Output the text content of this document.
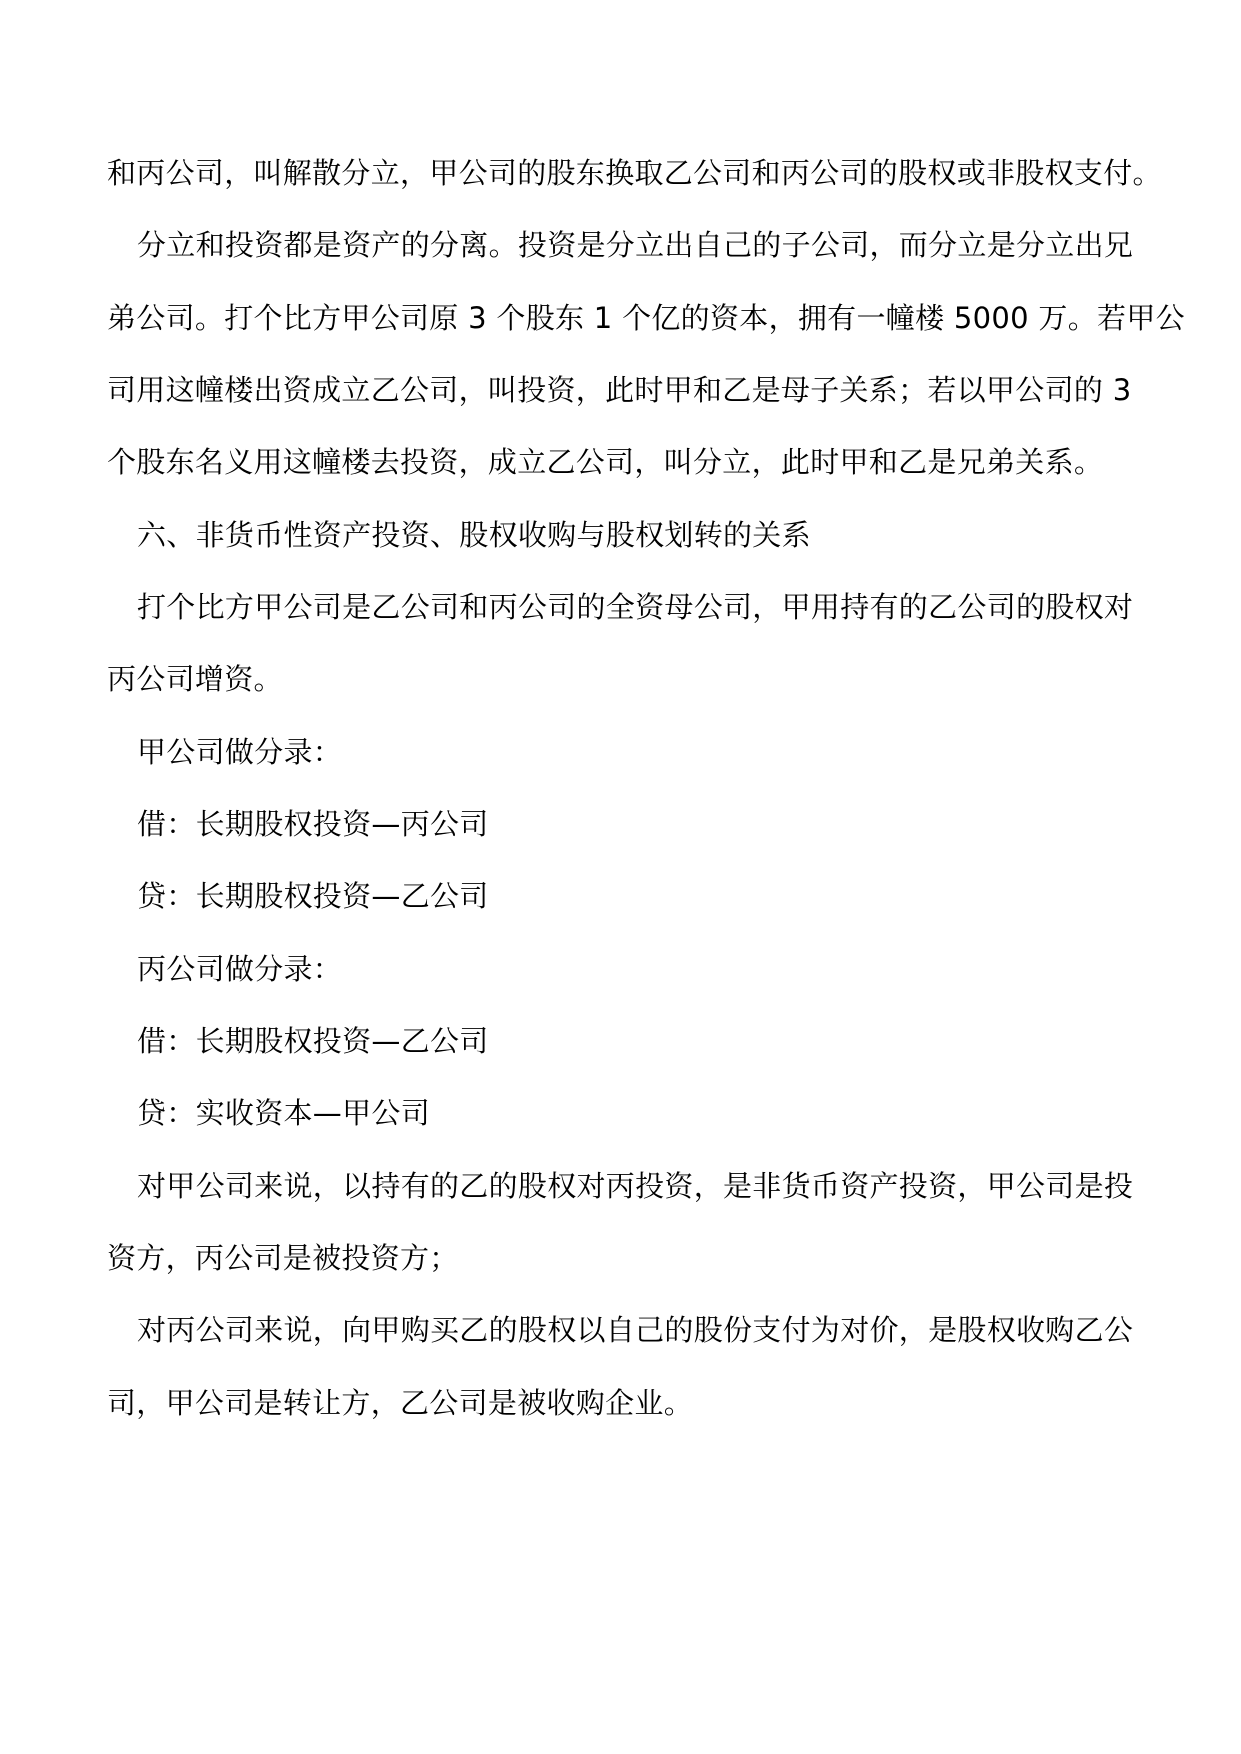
和丙公司，叫解散分立，甲公司的股东换取乙公司和丙公司的股权或非股权支付。

分立和投资都是资产的分离。投资是分立出自己的子公司，而分立是分立出兄

弟公司。打个比方甲公司原 3 个股东 1 个亿的资本，拥有一幢楼 5000 万。若甲公

司用这幢楼出资成立乙公司，叫投资，此时甲和乙是母子关系；若以甲公司的 3

个股东名义用这幢楼去投资，成立乙公司，叫分立，此时甲和乙是兄弟关系。

六、非货币性资产投资、股权收购与股权划转的关系

打个比方甲公司是乙公司和丙公司的全资母公司，甲用持有的乙公司的股权对

丙公司增资。

甲公司做分录：

借：长期股权投资—丙公司

贷：长期股权投资—乙公司

丙公司做分录：

借：长期股权投资—乙公司

贷：实收资本—甲公司

对甲公司来说，以持有的乙的股权对丙投资，是非货币资产投资，甲公司是投

资方，丙公司是被投资方；

对丙公司来说，向甲购买乙的股权以自己的股份支付为对价，是股权收购乙公

司，甲公司是转让方，乙公司是被收购企业。
